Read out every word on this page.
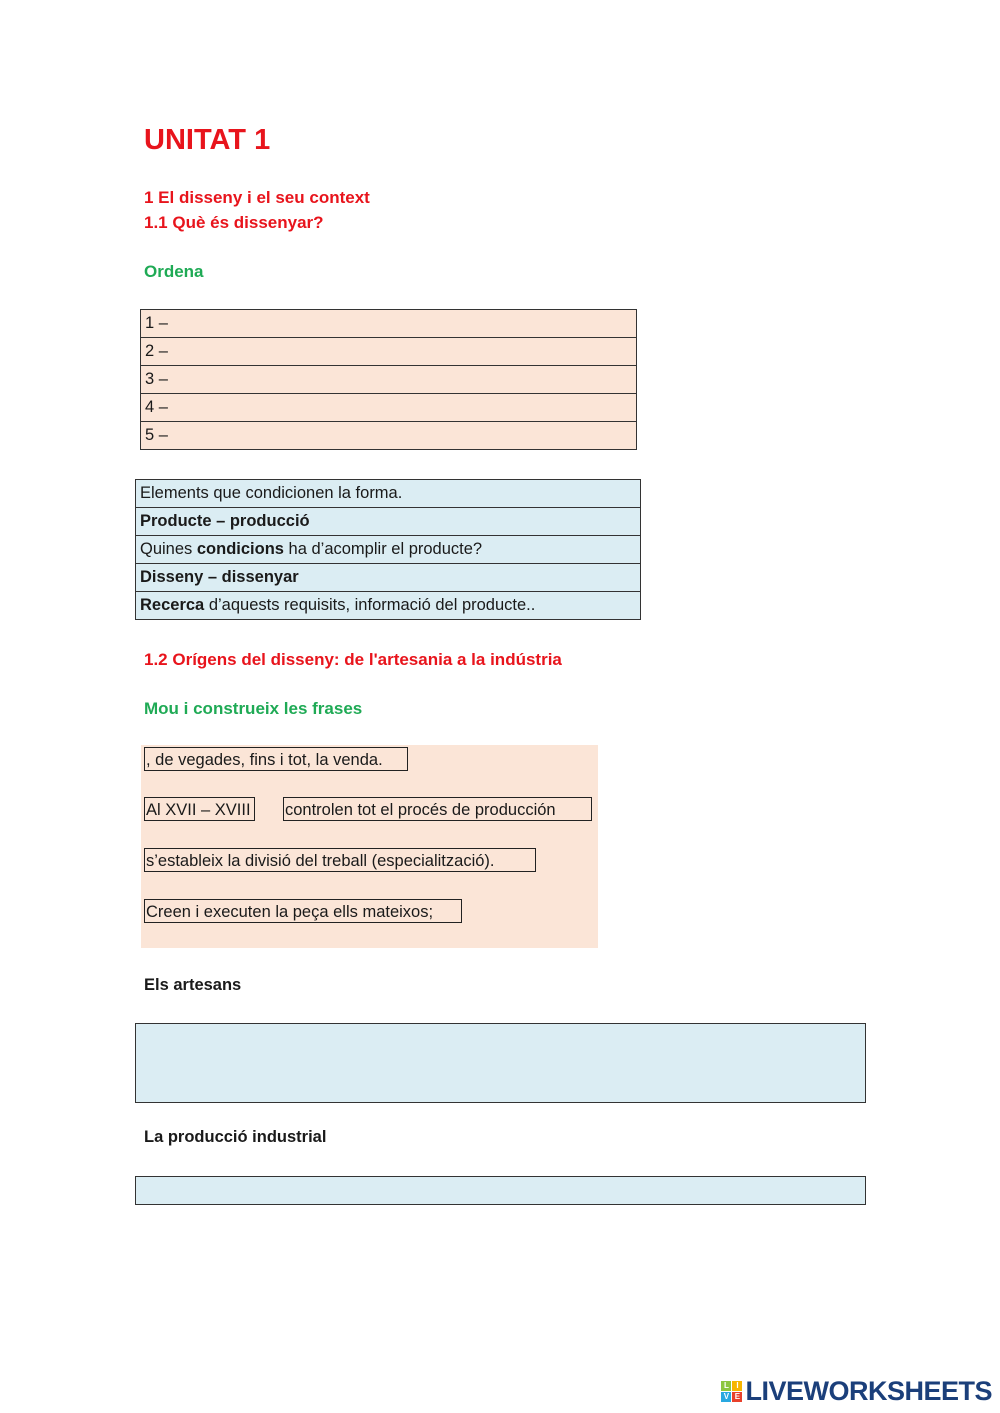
UNITAT 1
1 El disseny i el seu context
1.1 Què és dissenyar?
Ordena
1 –
2 –
3 –
4 –
5 –
Elements que condicionen la forma.
Producte – producció
Quines condicions ha d’acomplir el producte?
Disseny – dissenyar
Recerca d’aquests requisits, informació del producte..
1.2 Orígens del disseny: de l'artesania a la indústria
Mou i construeix les frases
, de vegades, fins i tot, la venda.
Al XVII – XVIII controlen tot el procés de producción
s’estableix la divisió del treball (especialització).
Creen i executen la peça ells mateixos;
Els artesans
La producció industrial
L I
V E LIVEWORKSHEETS
